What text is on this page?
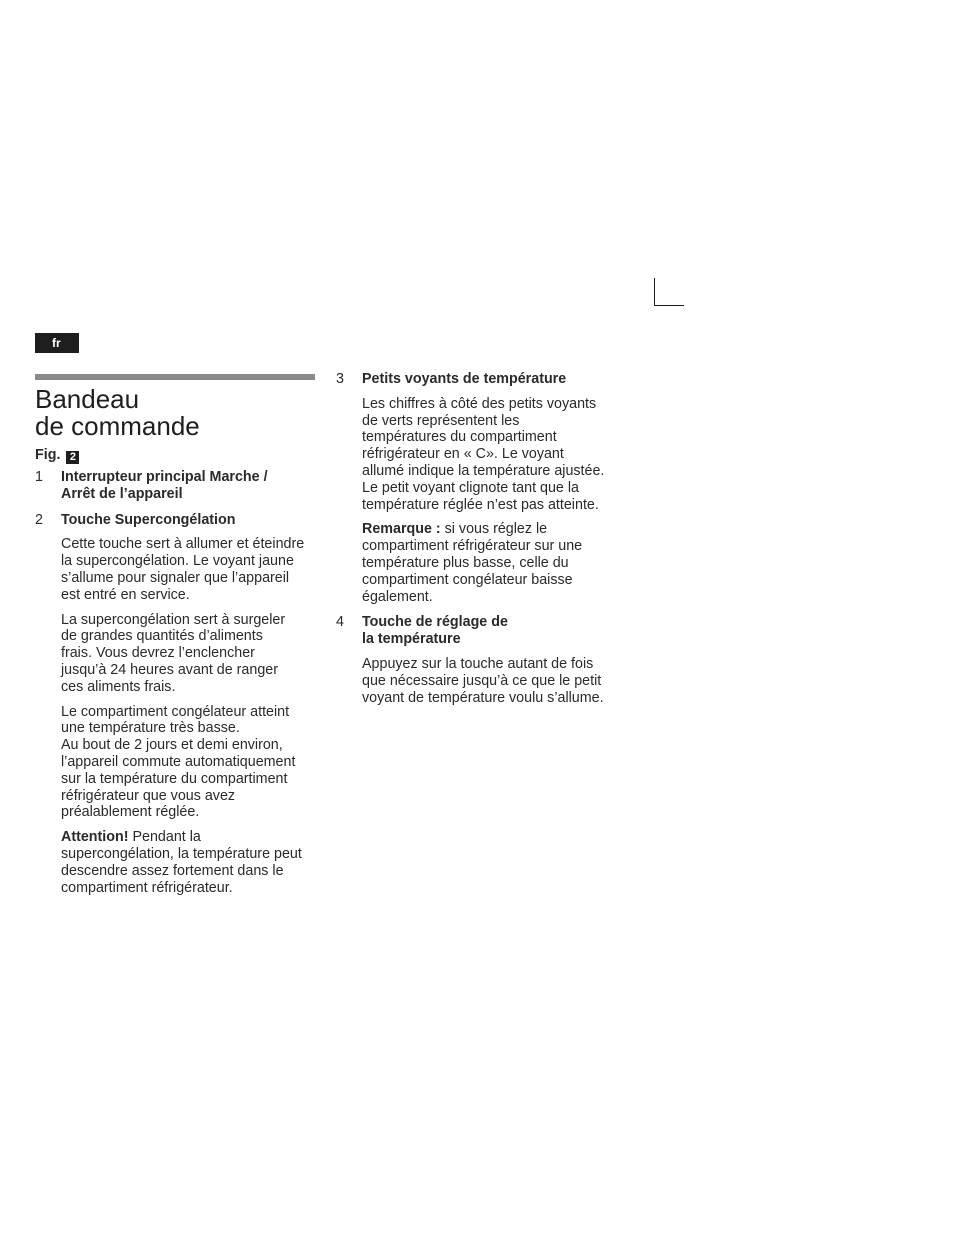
fr
Bandeau
de commande
Fig. 2
1 Interrupteur principal Marche /
Arrêt de l’appareil
2 Touche Supercongélation

Cette touche sert à allumer et éteindre
la supercongélation. Le voyant jaune
s’allume pour signaler que l’appareil
est entré en service.

La supercongélation sert à surgeler
de grandes quantités d’aliments
frais. Vous devrez l’enclencher
jusqu’à 24 heures avant de ranger
ces aliments frais.

Le compartiment congélateur atteint
une température très basse.
Au bout de 2 jours et demi environ,
l’appareil commute automatiquement
sur la température du compartiment
réfrigérateur que vous avez
préalablement réglée.

Attention! Pendant la
supercongélation, la température peut
descendre assez fortement dans le
compartiment réfrigérateur.

3 Petits voyants de température

Les chiffres à côté des petits voyants
de verts représentent les
températures du compartiment
réfrigérateur en « C». Le voyant
allumé indique la température ajustée.
Le petit voyant clignote tant que la
température réglée n’est pas atteinte.

Remarque : si vous réglez le
compartiment réfrigérateur sur une
température plus basse, celle du
compartiment congélateur baisse
également.

4 Touche de réglage de
la température

Appuyez sur la touche autant de fois
que nécessaire jusqu’à ce que le petit
voyant de température voulu s’allume.
